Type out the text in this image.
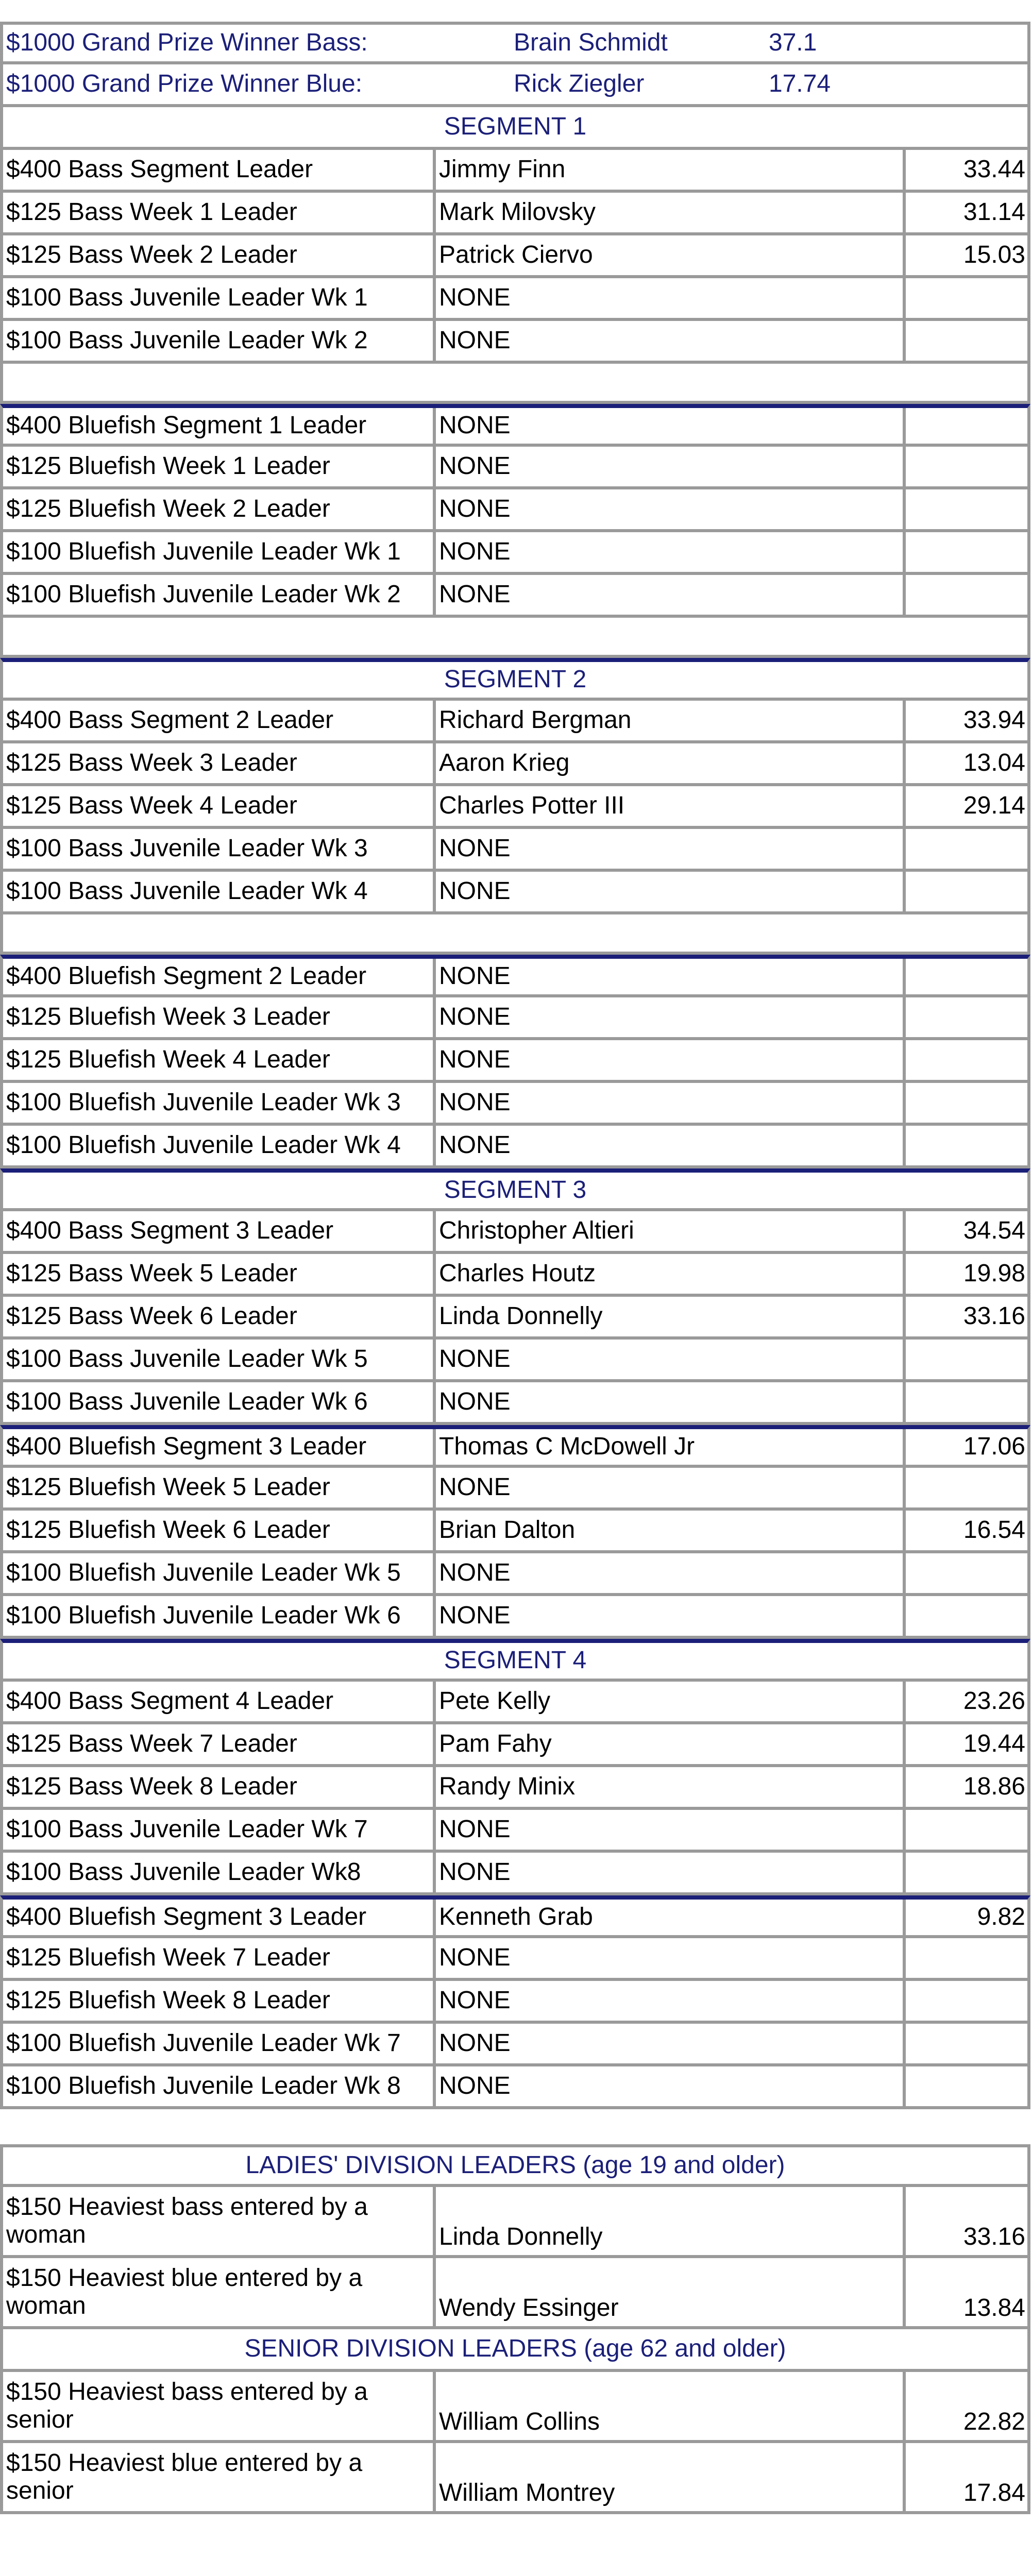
$1000 Grand Prize Winner Bass:	Brain Schmidt	37.1
$1000 Grand Prize Winner Blue:	Rick Ziegler	17.74
SEGMENT 1
$400 Bass Segment Leader	Jimmy Finn	33.44
$125 Bass Week 1 Leader	Mark Milovsky	31.14
$125 Bass Week 2 Leader	Patrick Ciervo	15.03
$100 Bass Juvenile Leader Wk 1	NONE
$100 Bass Juvenile Leader Wk 2	NONE
$400 Bluefish Segment 1 Leader	NONE
$125 Bluefish Week 1 Leader	NONE
$125 Bluefish Week 2 Leader	NONE
$100 Bluefish Juvenile Leader Wk 1	NONE
$100 Bluefish Juvenile Leader Wk 2	NONE
SEGMENT 2
$400 Bass Segment 2 Leader	Richard Bergman	33.94
$125 Bass Week 3 Leader	Aaron Krieg	13.04
$125 Bass Week 4 Leader	Charles Potter III	29.14
$100 Bass Juvenile Leader Wk 3	NONE
$100 Bass Juvenile Leader Wk 4	NONE
$400 Bluefish Segment 2 Leader	NONE
$125 Bluefish Week 3 Leader	NONE
$125 Bluefish Week 4 Leader	NONE
$100 Bluefish Juvenile Leader Wk 3	NONE
$100 Bluefish Juvenile Leader Wk 4	NONE
SEGMENT 3
$400 Bass Segment 3 Leader	Christopher Altieri	34.54
$125 Bass Week 5 Leader	Charles Houtz	19.98
$125 Bass Week 6 Leader	Linda Donnelly	33.16
$100 Bass Juvenile Leader Wk 5	NONE
$100 Bass Juvenile Leader Wk 6	NONE
$400 Bluefish Segment 3 Leader	Thomas C McDowell Jr	17.06
$125 Bluefish Week 5 Leader	NONE
$125 Bluefish Week 6 Leader	Brian Dalton	16.54
$100 Bluefish Juvenile Leader Wk 5	NONE
$100 Bluefish Juvenile Leader Wk 6	NONE
SEGMENT 4
$400 Bass Segment 4 Leader	Pete Kelly	23.26
$125 Bass Week 7 Leader	Pam Fahy	19.44
$125 Bass Week 8 Leader	Randy Minix	18.86
$100 Bass Juvenile Leader Wk 7	NONE
$100 Bass Juvenile Leader Wk8	NONE
$400 Bluefish Segment 3 Leader	Kenneth Grab	9.82
$125 Bluefish Week 7 Leader	NONE
$125 Bluefish Week 8 Leader	NONE
$100 Bluefish Juvenile Leader Wk 7	NONE
$100 Bluefish Juvenile Leader Wk 8	NONE
LADIES' DIVISION LEADERS (age 19 and older)
$150 Heaviest bass entered by a woman	Linda Donnelly	33.16
$150 Heaviest blue entered by a woman	Wendy Essinger	13.84
SENIOR DIVISION LEADERS (age 62 and older)
$150 Heaviest bass entered by a senior	William Collins	22.82
$150 Heaviest blue entered by a senior	William Montrey	17.84
